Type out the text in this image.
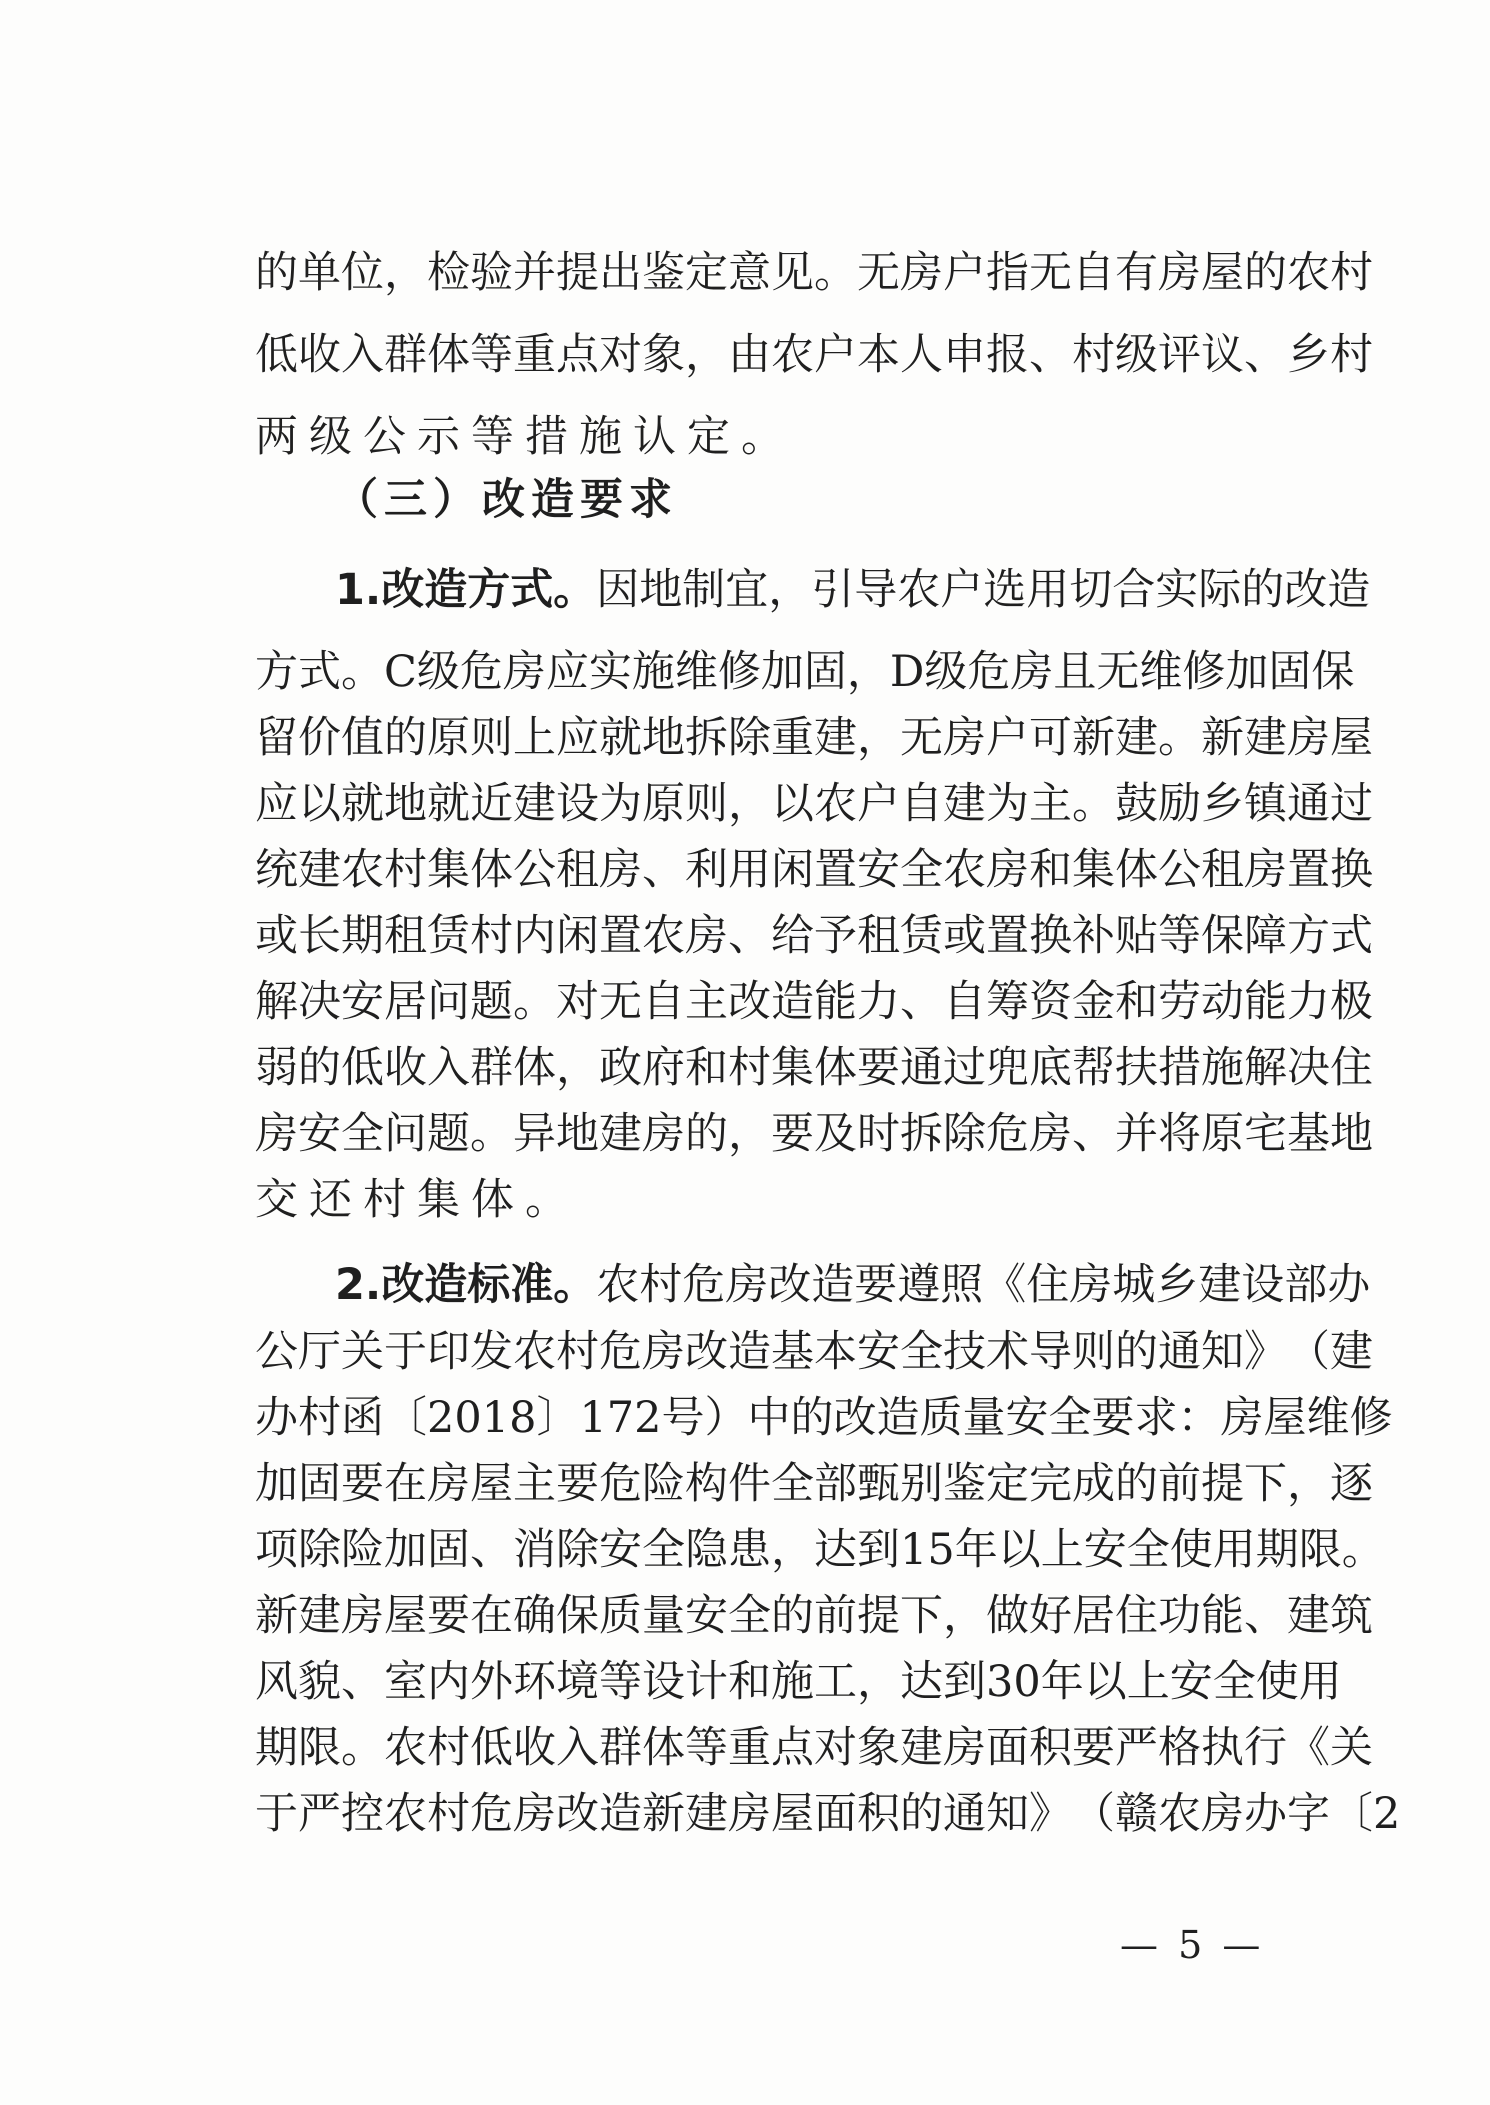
的 单 位 ， 检 验 并 提 出 鉴 定 意 见 。 无 房 户 指 无 自 有 房 屋 的 农 村
低 收 入 群 体 等 重 点 对 象 ， 由 农 户 本 人 申 报 、 村 级 评 议 、 乡 村
两级公示等措施认定。
（三）改造要求
1.改造方式。 因 地 制 宜 ， 引 导 农 户 选 用 切 合 实 际 的 改 造
方 式 。 C 级 危 房 应 实 施 维 修 加 固 ， D 级 危 房 且 无 维 修 加 固 保
留 价 值 的 原 则 上 应 就 地 拆 除 重 建 ， 无 房 户 可 新 建 。 新 建 房 屋
应 以 就 地 就 近 建 设 为 原 则 ， 以 农 户 自 建 为 主 。 鼓 励 乡 镇 通 过
统 建 农 村 集 体 公 租 房 、 利 用 闲 置 安 全 农 房 和 集 体 公 租 房 置 换
或 长 期 租 赁 村 内 闲 置 农 房 、 给 予 租 赁 或 置 换 补 贴 等 保 障 方 式
解 决 安 居 问 题 。 对 无 自 主 改 造 能 力 、 自 筹 资 金 和 劳 动 能 力 极
弱 的 低 收 入 群 体 ， 政 府 和 村 集 体 要 通 过 兜 底 帮 扶 措 施 解 决 住
房 安 全 问 题 。 异 地 建 房 的 ， 要 及 时 拆 除 危 房 、 并 将 原 宅 基 地
交还村集体。
2.改造标准。 农 村 危 房 改 造 要 遵 照 《 住 房 城 乡 建 设 部 办
公 厅 关 于 印 发 农 村 危 房 改 造 基 本 安 全 技 术 导 则 的 通 知 》 （ 建
办 村 函 〔 2018 〕 172 号 ） 中 的 改 造 质 量 安 全 要 求 ： 房 屋 维 修
加 固 要 在 房 屋 主 要 危 险 构 件 全 部 甄 别 鉴 定 完 成 的 前 提 下 ， 逐
项 除 险 加 固 、 消 除 安 全 隐 患 ， 达 到 15 年 以 上 安 全 使 用 期 限 。
新 建 房 屋 要 在 确 保 质 量 安 全 的 前 提 下 ， 做 好 居 住 功 能 、 建 筑
风 貌 、 室 内 外 环 境 等 设 计 和 施 工 ， 达 到 30 年 以 上 安 全 使 用
期 限 。 农 村 低 收 入 群 体 等 重 点 对 象 建 房 面 积 要 严 格 执 行 《 关
于 严 控 农 村 危 房 改 造 新 建 房 屋 面 积 的 通 知 》 （ 赣 农 房 办 字 〔 2
— 5 —
